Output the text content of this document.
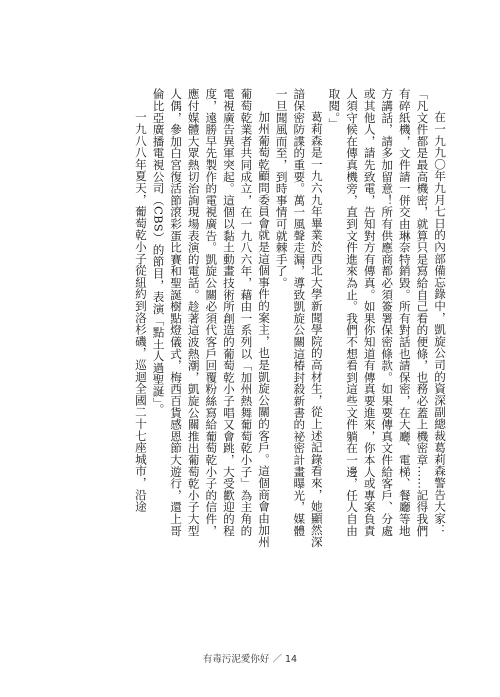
在一九九〇年九月七日的內部備忘錄中，凱旋公司的資深副總裁葛莉森警告大家：「凡文件都是最高機密，就算只是寫給自己看的便條，也務必蓋上機密章……記得我們有碎紙機，文件請一併交由琳奈特銷毀。所有對話也請保密，在大廳、電梯、餐廳等地方講話，請多加留意！所有供應商都必須簽署保密條款。如果要傳真文件給客戶、分處或其他人，請先致電，告知對方有傳真。如果你知道有傳真要進來，你本人或專案負責人須守候在傳真機旁，直到文件進來為止。我們不想看到這些文件躺在一邊，任人自由取閱。」

葛莉森是一九六九年畢業於西北大學新聞學院的高材生，從上述記錄看來，她顯然深諳保密防諜的重要。萬一風聲走漏，導致凱旋公關這椿封殺新書的祕密計畫曝光，媒體一旦聞風而至，到時事情可就棘手了。

加州葡萄乾顧問委員會就是這個事件的案主，也是凱旋公關的客戶。這個商會由加州葡萄乾業者共同成立，在一九八六年，藉由一系列以「加州熱舞葡萄乾小子」為主角的電視廣告異軍突起。這個以黏土動畫技術所創造的葡萄乾小子唱又會跳，大受歡迎的程度，遠勝早先製作的電視廣告。凱旋公關必須代客戶回覆粉絲寫給葡萄乾小子的信件，應付媒體大眾熱切治詢現場表演的電話。趁著這波熱潮，凱旋公關推出葡萄乾小子大型人偶，參加白宮復活節滾彩蛋比賽和聖誕樹點燈儀式，梅西百貨感恩節大遊行，還上哥倫比亞廣播電視公司（CBS）的節目，表演「點土人過聖誕」。

一九八八年夏天，葡萄乾小子從紐約到洛杉磯，巡迴全國二十七座城市，沿途

有毒污泥愛你好 ／ 14
